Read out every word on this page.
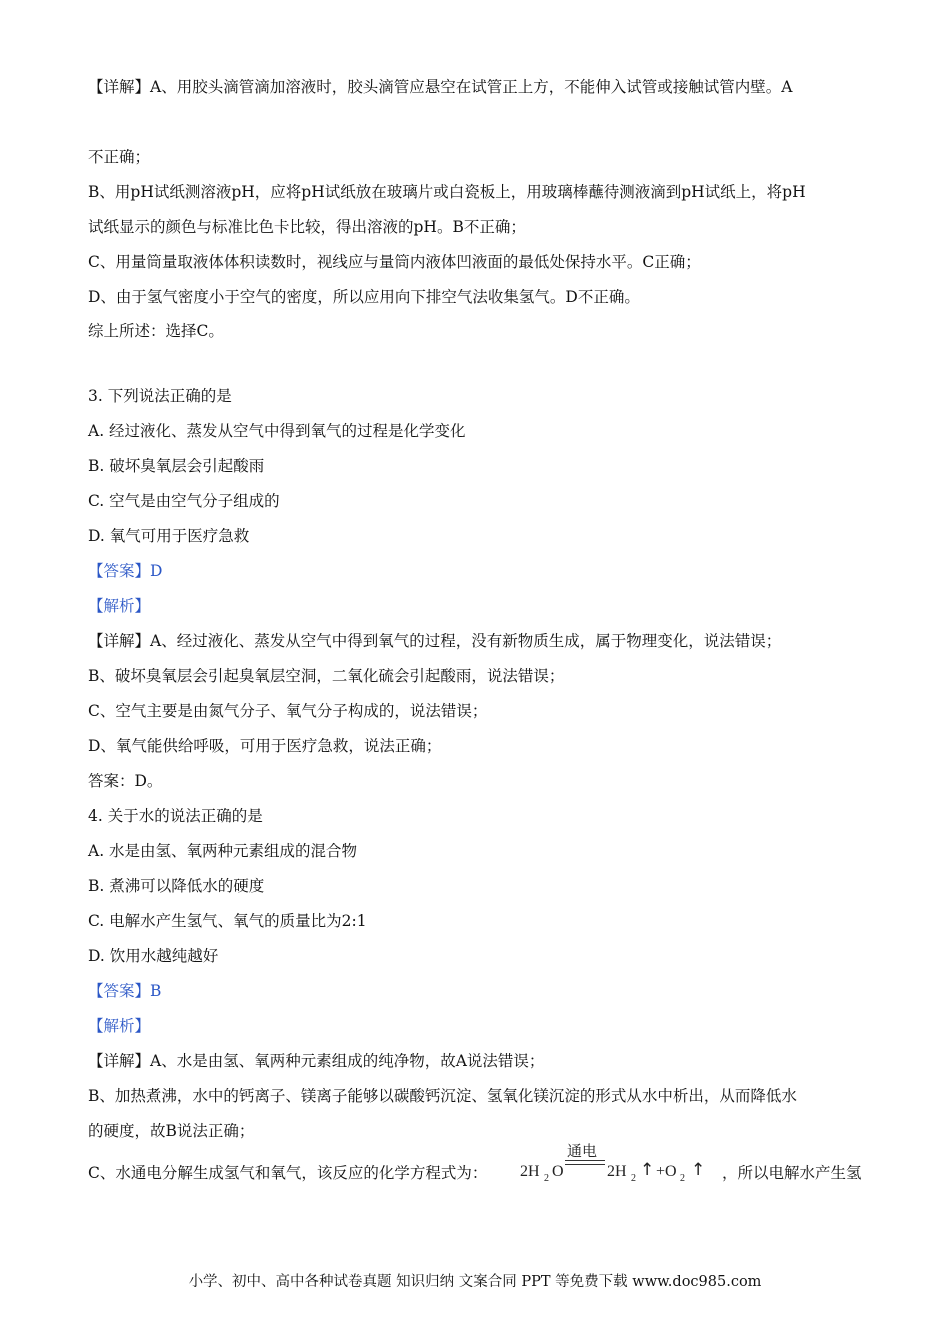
【详解】A、用胶头滴管滴加溶液时，胶头滴管应悬空在试管正上方，不能伸入试管或接触试管内壁。A
不正确；
B、用pH试纸测溶液pH，应将pH试纸放在玻璃片或白瓷板上，用玻璃棒蘸待测液滴到pH试纸上，将pH
试纸显示的颜色与标准比色卡比较，得出溶液的pH。B不正确；
C、用量筒量取液体体积读数时，视线应与量筒内液体凹液面的最低处保持水平。C正确；
D、由于氢气密度小于空气的密度，所以应用向下排空气法收集氢气。D不正确。
综上所述：选择C。
3. 下列说法正确的是
A. 经过液化、蒸发从空气中得到氧气的过程是化学变化
B. 破坏臭氧层会引起酸雨
C. 空气是由空气分子组成的
D. 氧气可用于医疗急救
【答案】D
【解析】
【详解】A、经过液化、蒸发从空气中得到氧气的过程，没有新物质生成，属于物理变化，说法错误；
B、破坏臭氧层会引起臭氧层空洞，二氧化硫会引起酸雨，说法错误；
C、空气主要是由氮气分子、氧气分子构成的，说法错误；
D、氧气能供给呼吸，可用于医疗急救，说法正确；
答案：D。
4. 关于水的说法正确的是
A. 水是由氢、氧两种元素组成的混合物
B. 煮沸可以降低水的硬度
C. 电解水产生氢气、氧气的质量比为2:1
D. 饮用水越纯越好
【答案】B
【解析】
【详解】A、水是由氢、氧两种元素组成的纯净物，故A说法错误；
B、加热煮沸，水中的钙离子、镁离子能够以碳酸钙沉淀、氢氧化镁沉淀的形式从水中析出，从而降低水
的硬度，故B说法正确；
C、水通电分解生成氢气和氧气，该反应的化学方程式为： 2H 2 O
通电
2H 2 ↑ +O 2 ↑ ，所以电解水产生氢
小学、初中、高中各种试卷真题 知识归纳 文案合同 PPT 等免费下载 www.doc985.com
